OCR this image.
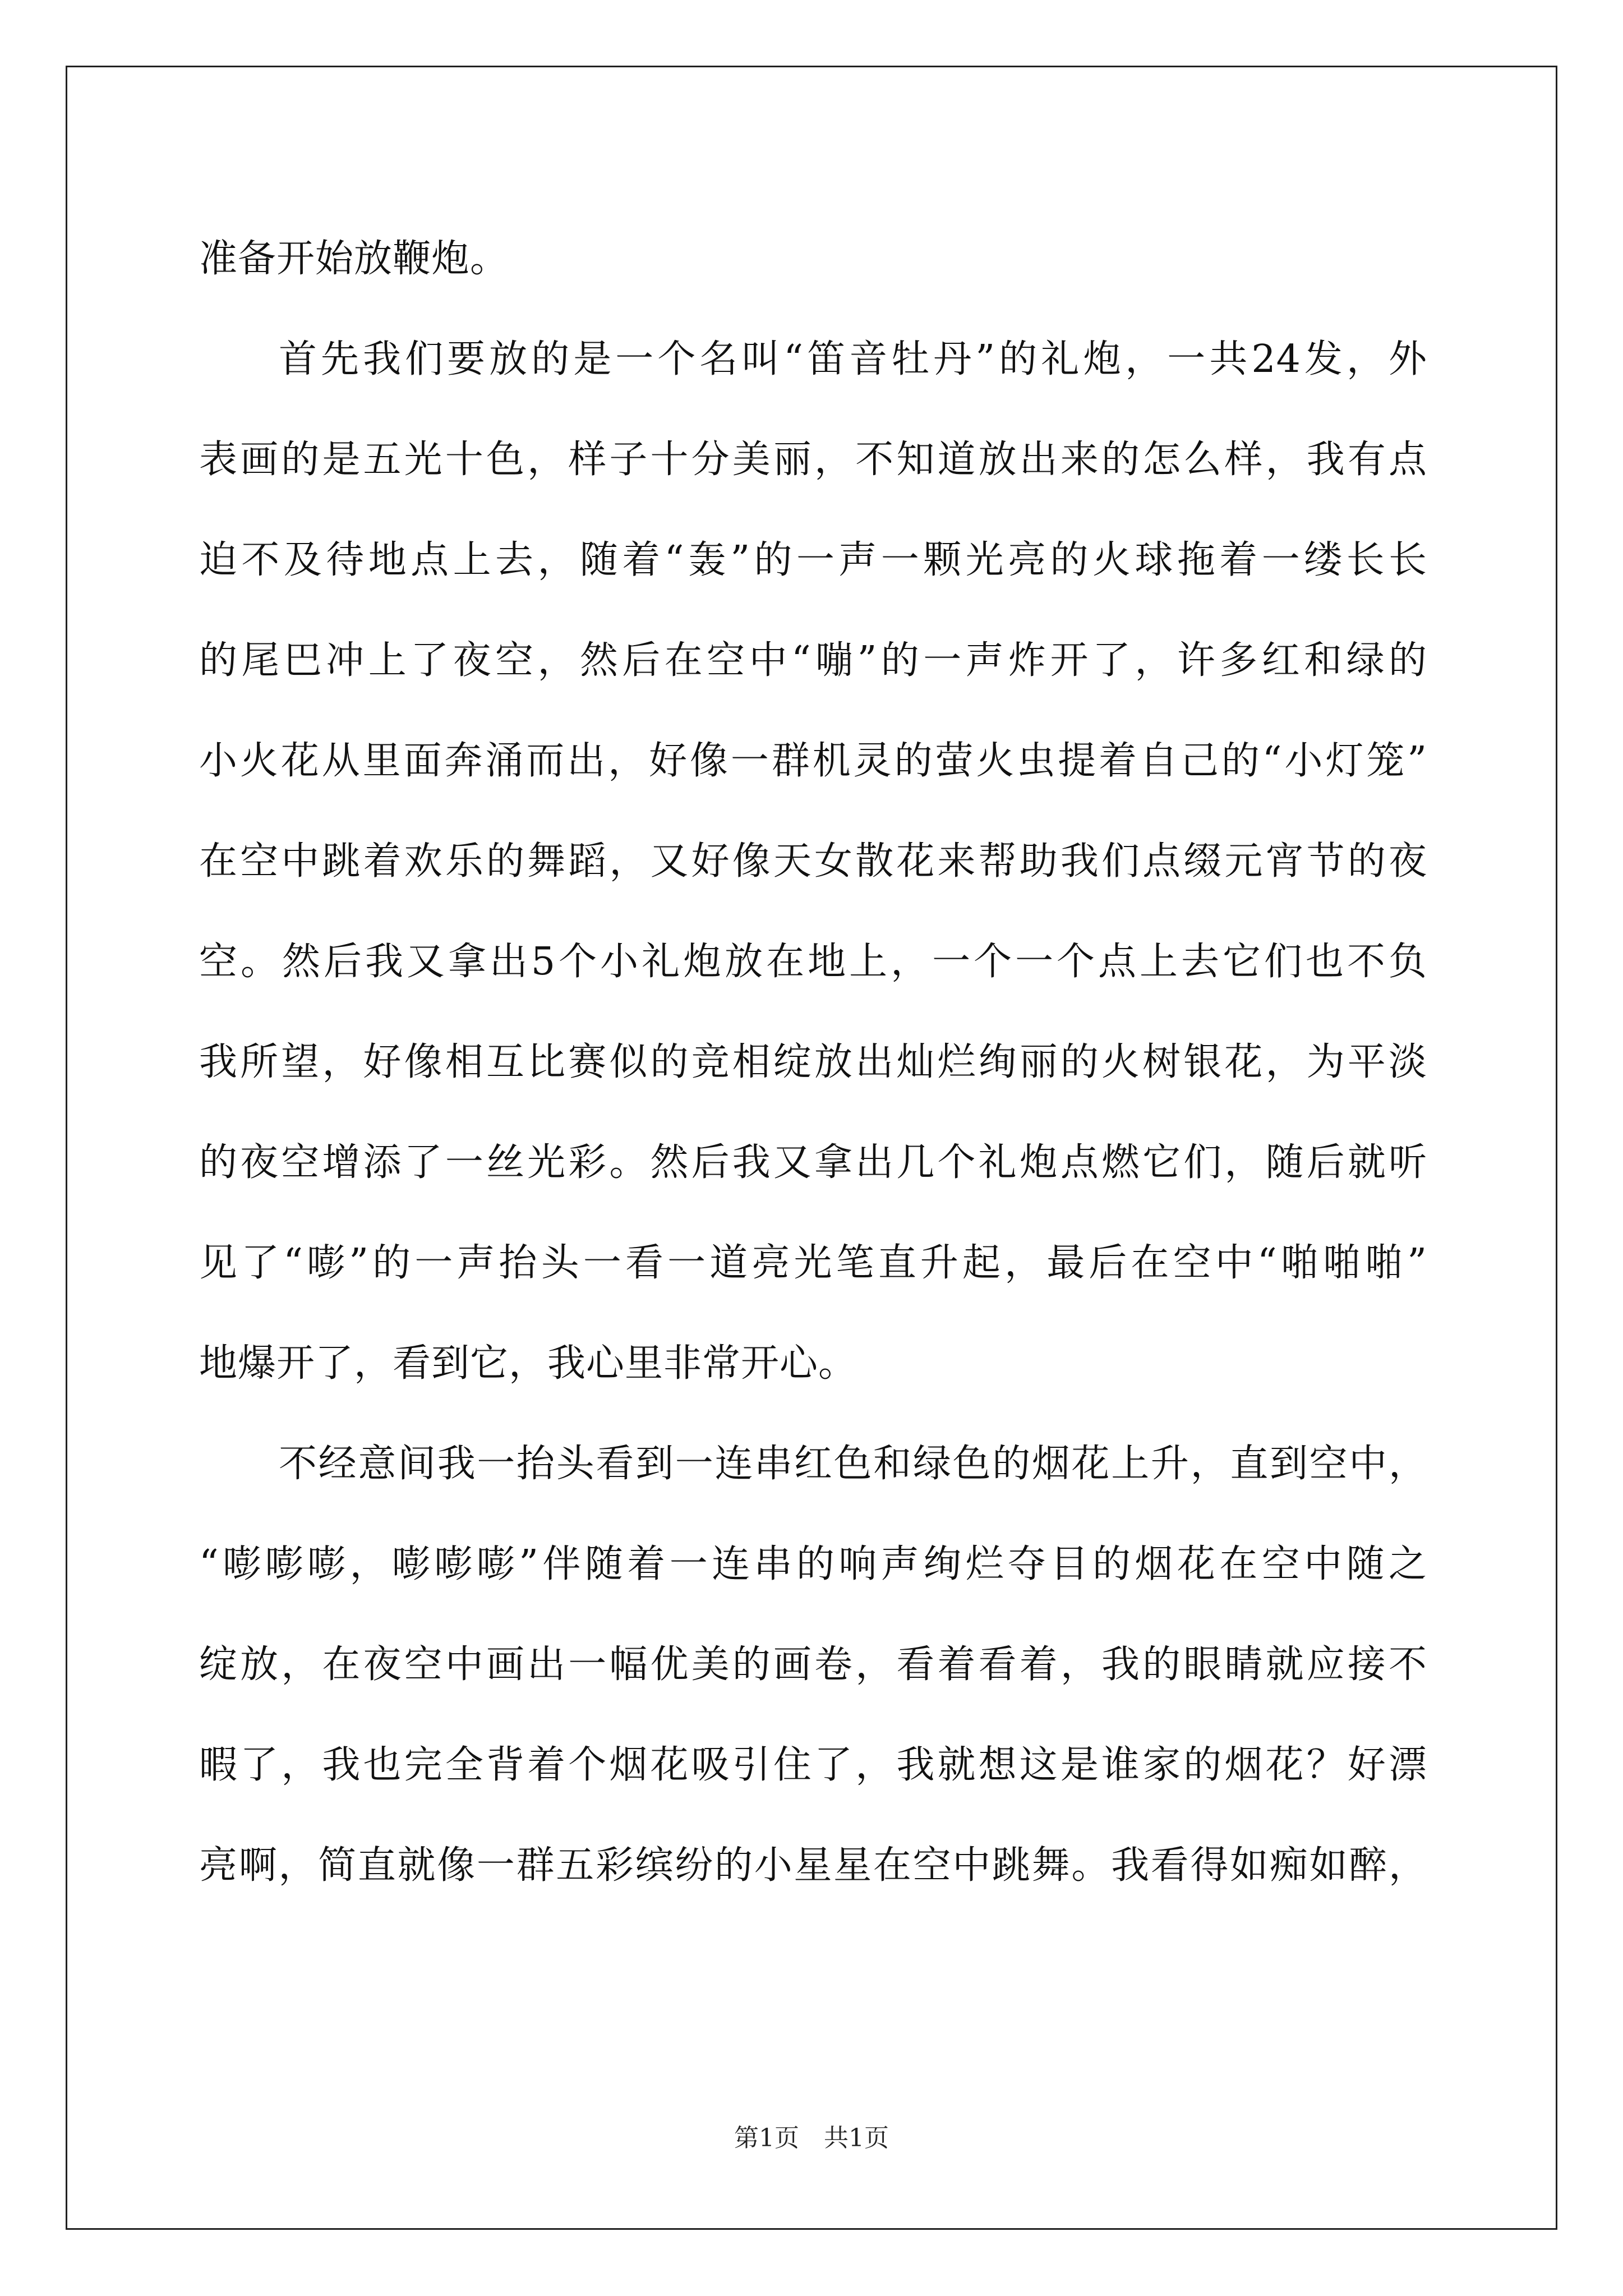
准备开始放鞭炮。
首先我们要放的是一个名叫“笛音牡丹”的礼炮，一共24发，外
表画的是五光十色，样子十分美丽，不知道放出来的怎么样，我有点
迫不及待地点上去，随着“轰”的一声一颗光亮的火球拖着一缕长长
的尾巴冲上了夜空，然后在空中“嘣”的一声炸开了，许多红和绿的
小火花从里面奔涌而出，好像一群机灵的萤火虫提着自己的“小灯笼”
在空中跳着欢乐的舞蹈，又好像天女散花来帮助我们点缀元宵节的夜
空。然后我又拿出5个小礼炮放在地上，一个一个点上去它们也不负
我所望，好像相互比赛似的竞相绽放出灿烂绚丽的火树银花，为平淡
的夜空增添了一丝光彩。然后我又拿出几个礼炮点燃它们，随后就听
见了“嘭”的一声抬头一看一道亮光笔直升起，最后在空中“啪啪啪”
地爆开了，看到它，我心里非常开心。
不经意间我一抬头看到一连串红色和绿色的烟花上升，直到空中，
“嘭嘭嘭，嘭嘭嘭”伴随着一连串的响声绚烂夺目的烟花在空中随之
绽放，在夜空中画出一幅优美的画卷，看着看着，我的眼睛就应接不
暇了，我也完全背着个烟花吸引住了，我就想这是谁家的烟花？好漂
亮啊，简直就像一群五彩缤纷的小星星在空中跳舞。我看得如痴如醉，
第1页　共1页
